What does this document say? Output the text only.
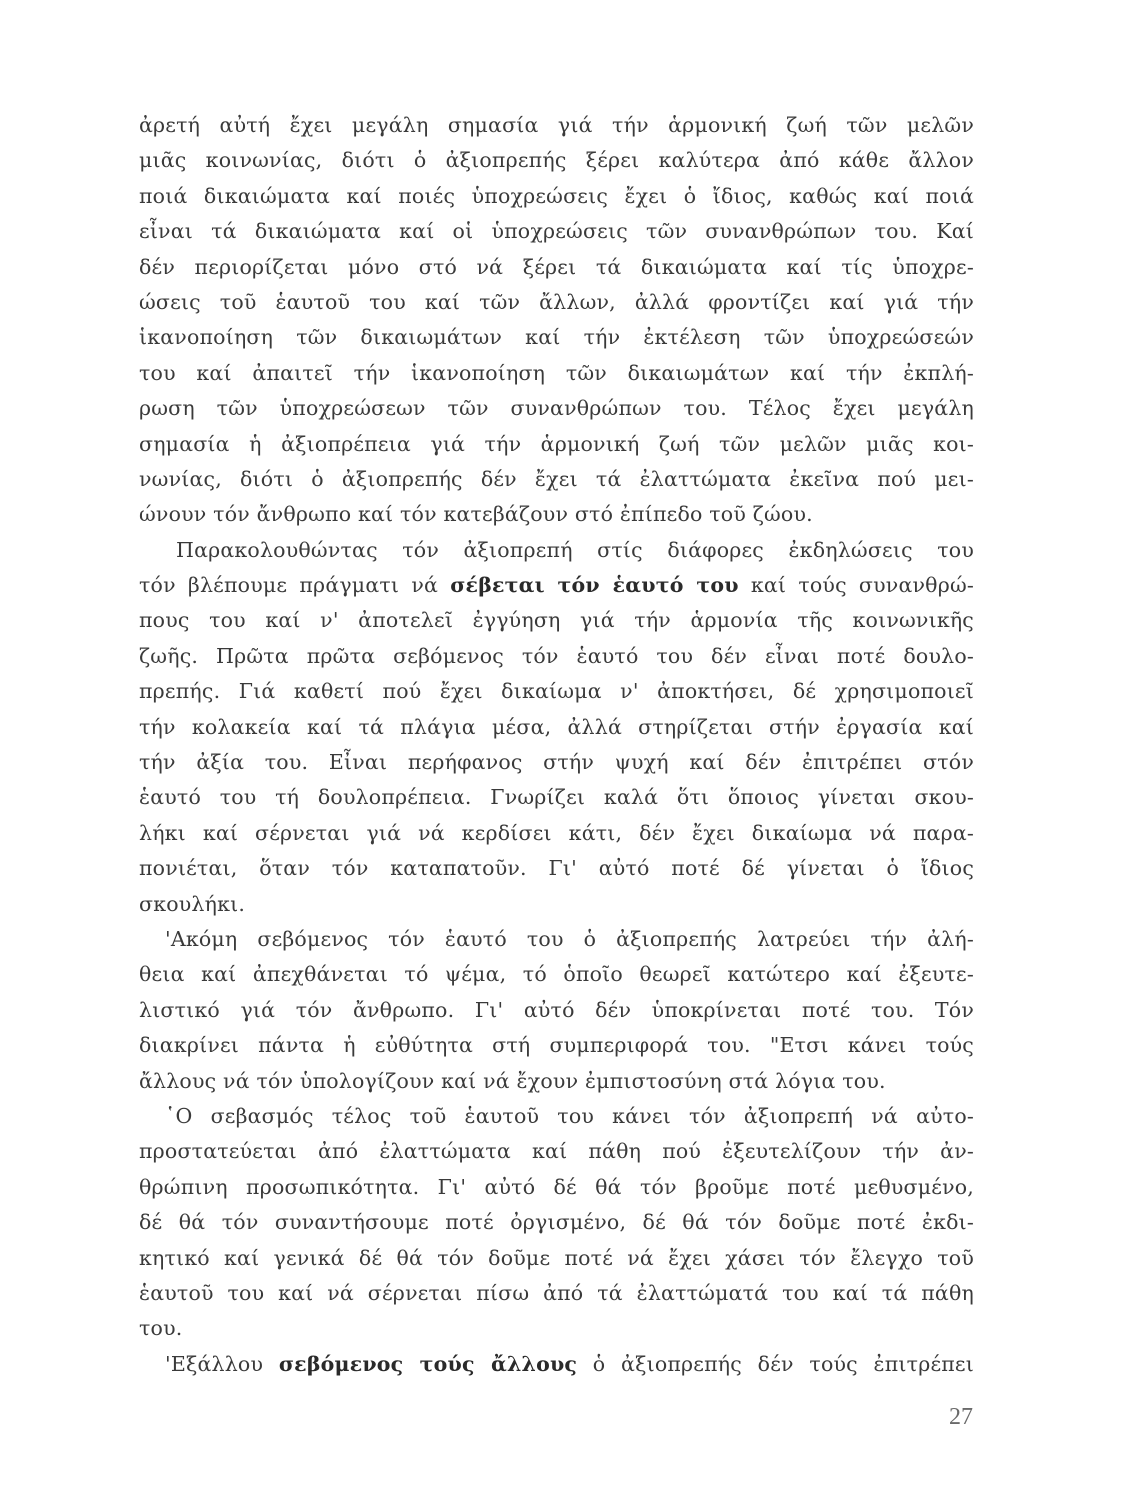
ἀρετή αὐτή ἔχει μεγάλη σημασία γιά τήν ἁρμονική ζωή τῶν μελῶν
μιᾶς κοινωνίας, διότι ὁ ἀξιοπρεπής ξέρει καλύτερα ἀπό κάθε ἄλλον
ποιά δικαιώματα καί ποιές ὑποχρεώσεις ἔχει ὁ ἴδιος, καθώς καί ποιά
εἶναι τά δικαιώματα καί οἱ ὑποχρεώσεις τῶν συνανθρώπων του. Καί
δέν περιορίζεται μόνο στό νά ξέρει τά δικαιώματα καί τίς ὑποχρε-
ώσεις τοῦ ἑαυτοῦ του καί τῶν ἄλλων, ἀλλά φροντίζει καί γιά τήν
ἱκανοποίηση τῶν δικαιωμάτων καί τήν ἐκτέλεση τῶν ὑποχρεώσεών
του καί ἀπαιτεῖ τήν ἱκανοποίηση τῶν δικαιωμάτων καί τήν ἐκπλή-
ρωση τῶν ὑποχρεώσεων τῶν συνανθρώπων του. Τέλος ἔχει μεγάλη
σημασία ἡ ἀξιοπρέπεια γιά τήν ἁρμονική ζωή τῶν μελῶν μιᾶς κοι-
νωνίας, διότι ὁ ἀξιοπρεπής δέν ἔχει τά ἐλαττώματα ἐκεῖνα πού μει-
ώνουν τόν ἄνθρωπο καί τόν κατεβάζουν στό ἐπίπεδο τοῦ ζώου.
Παρακολουθώντας τόν ἀξιοπρεπή στίς διάφορες ἐκδηλώσεις του
τόν βλέπουμε πράγματι νά σέβεται τόν ἑαυτό του καί τούς συνανθρώ-
πους του καί ν' ἀποτελεῖ ἐγγύηση γιά τήν ἁρμονία τῆς κοινωνικῆς
ζωῆς. Πρῶτα πρῶτα σεβόμενος τόν ἑαυτό του δέν εἶναι ποτέ δουλο-
πρεπής. Γιά καθετί πού ἔχει δικαίωμα ν' ἀποκτήσει, δέ χρησιμοποιεῖ
τήν κολακεία καί τά πλάγια μέσα, ἀλλά στηρίζεται στήν ἐργασία καί
τήν ἀξία του. Εἶναι περήφανος στήν ψυχή καί δέν ἐπιτρέπει στόν
ἑαυτό του τή δουλοπρέπεια. Γνωρίζει καλά ὅτι ὅποιος γίνεται σκου-
λήκι καί σέρνεται γιά νά κερδίσει κάτι, δέν ἔχει δικαίωμα νά παρα-
πονιέται, ὅταν τόν καταπατοῦν. Γι' αὐτό ποτέ δέ γίνεται ὁ ἴδιος
σκουλήκι.
'Ακόμη σεβόμενος τόν ἑαυτό του ὁ ἀξιοπρεπής λατρεύει τήν ἀλή-
θεια καί ἀπεχθάνεται τό ψέμα, τό ὁποῖο θεωρεῖ κατώτερο καί ἐξευτε-
λιστικό γιά τόν ἄνθρωπο. Γι' αὐτό δέν ὑποκρίνεται ποτέ του. Τόν
διακρίνει πάντα ἡ εὐθύτητα στή συμπεριφορά του. "Ετσι κάνει τούς
ἄλλους νά τόν ὑπολογίζουν καί νά ἔχουν ἐμπιστοσύνη στά λόγια του.
῾Ο σεβασμός τέλος τοῦ ἑαυτοῦ του κάνει τόν ἀξιοπρεπή νά αὐτο-
προστατεύεται ἀπό ἐλαττώματα καί πάθη πού ἐξευτελίζουν τήν ἀν-
θρώπινη προσωπικότητα. Γι' αὐτό δέ θά τόν βροῦμε ποτέ μεθυσμένο,
δέ θά τόν συναντήσουμε ποτέ ὀργισμένο, δέ θά τόν δοῦμε ποτέ ἐκδι-
κητικό καί γενικά δέ θά τόν δοῦμε ποτέ νά ἔχει χάσει τόν ἔλεγχο τοῦ
ἑαυτοῦ του καί νά σέρνεται πίσω ἀπό τά ἐλαττώματά του καί τά πάθη
του.
'Εξάλλου σεβόμενος τούς ἄλλους ὁ ἀξιοπρεπής δέν τούς ἐπιτρέπει
27
